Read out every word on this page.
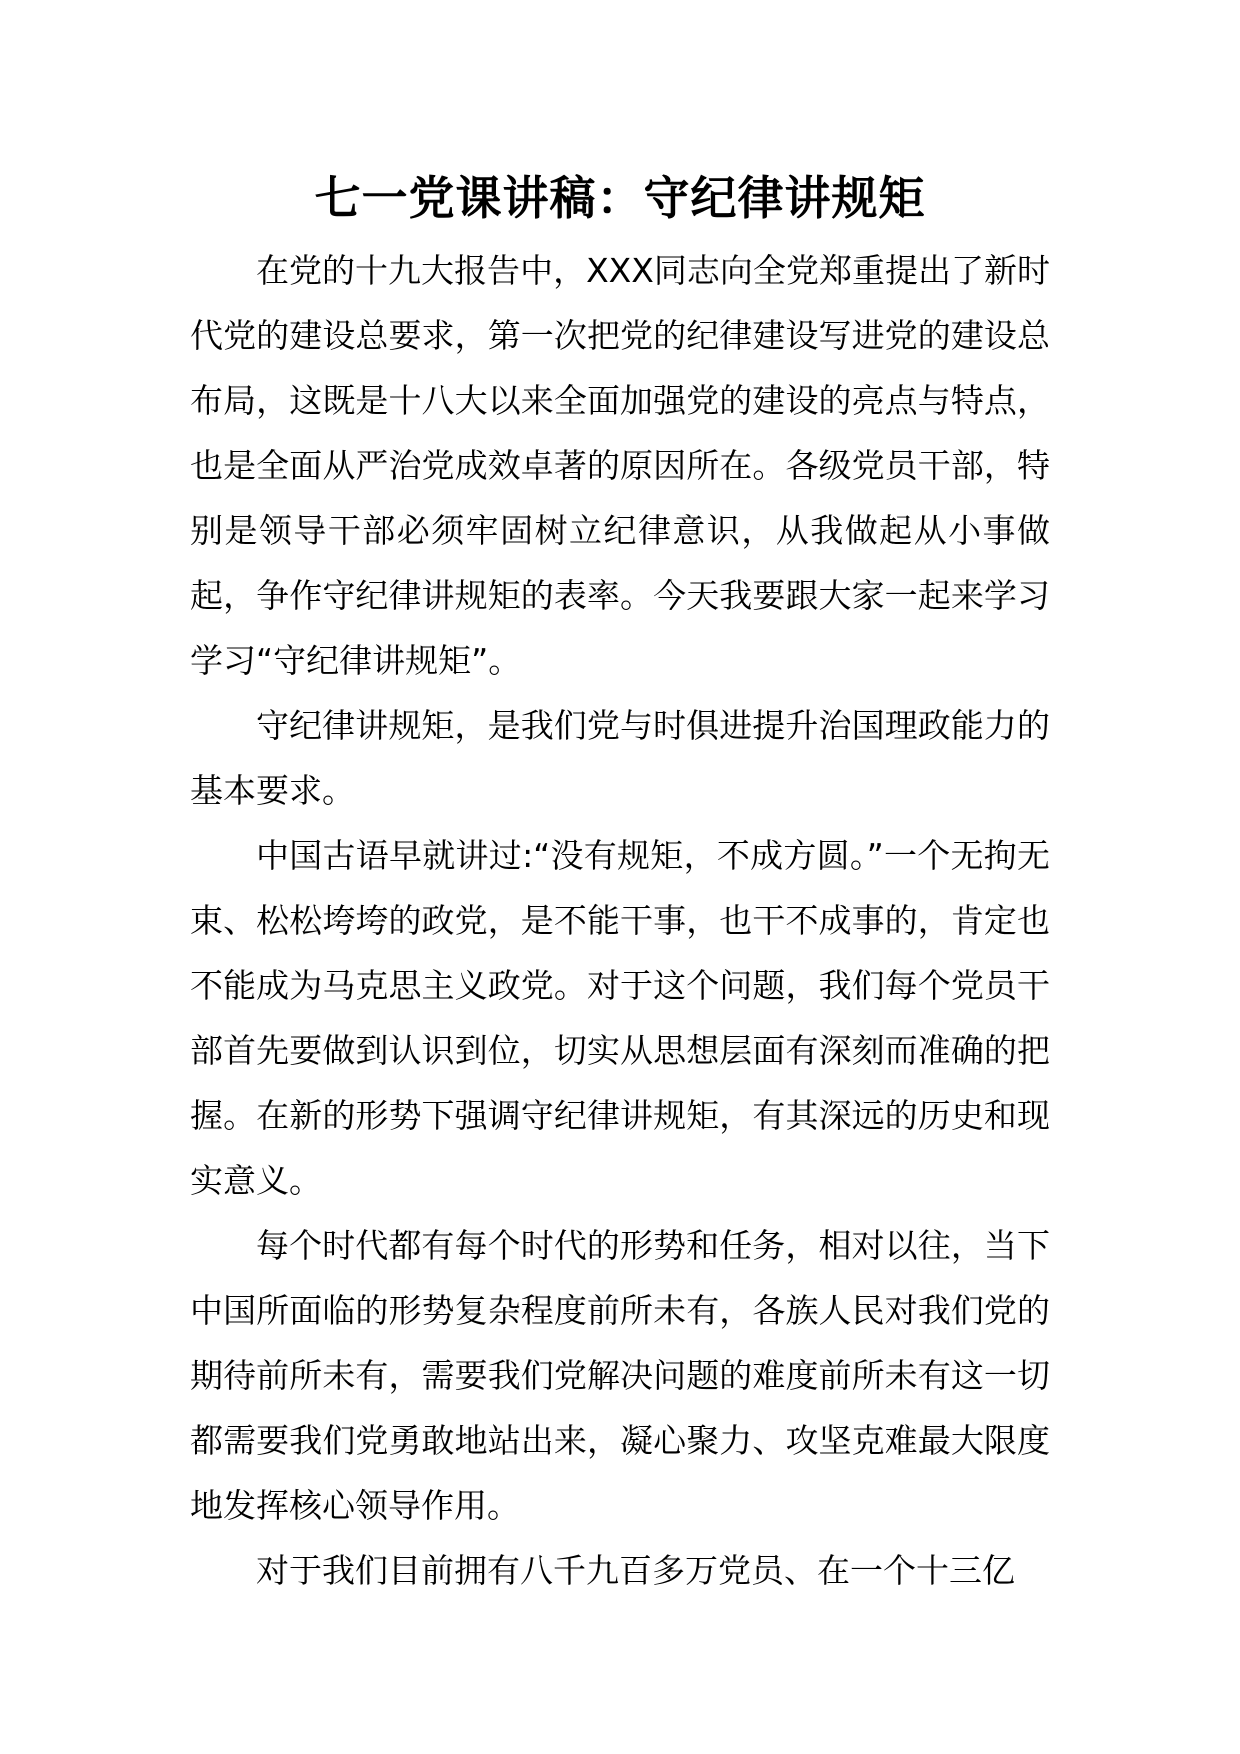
七一党课讲稿：守纪律讲规矩

在党的十九大报告中，XXX同志向全党郑重提出了新时代党的建设总要求，第一次把党的纪律建设写进党的建设总布局，这既是十八大以来全面加强党的建设的亮点与特点，也是全面从严治党成效卓著的原因所在。各级党员干部，特别是领导干部必须牢固树立纪律意识，从我做起从小事做起，争作守纪律讲规矩的表率。今天我要跟大家一起来学习学习“守纪律讲规矩”。

守纪律讲规矩，是我们党与时俱进提升治国理政能力的基本要求。

中国古语早就讲过:“没有规矩，不成方圆。”一个无拘无束、松松垮垮的政党，是不能干事，也干不成事的，肯定也不能成为马克思主义政党。对于这个问题，我们每个党员干部首先要做到认识到位，切实从思想层面有深刻而准确的把握。在新的形势下强调守纪律讲规矩，有其深远的历史和现实意义。

每个时代都有每个时代的形势和任务，相对以往，当下中国所面临的形势复杂程度前所未有，各族人民对我们党的期待前所未有，需要我们党解决问题的难度前所未有这一切都需要我们党勇敢地站出来，凝心聚力、攻坚克难最大限度地发挥核心领导作用。

对于我们目前拥有八千九百多万党员、在一个十三亿
